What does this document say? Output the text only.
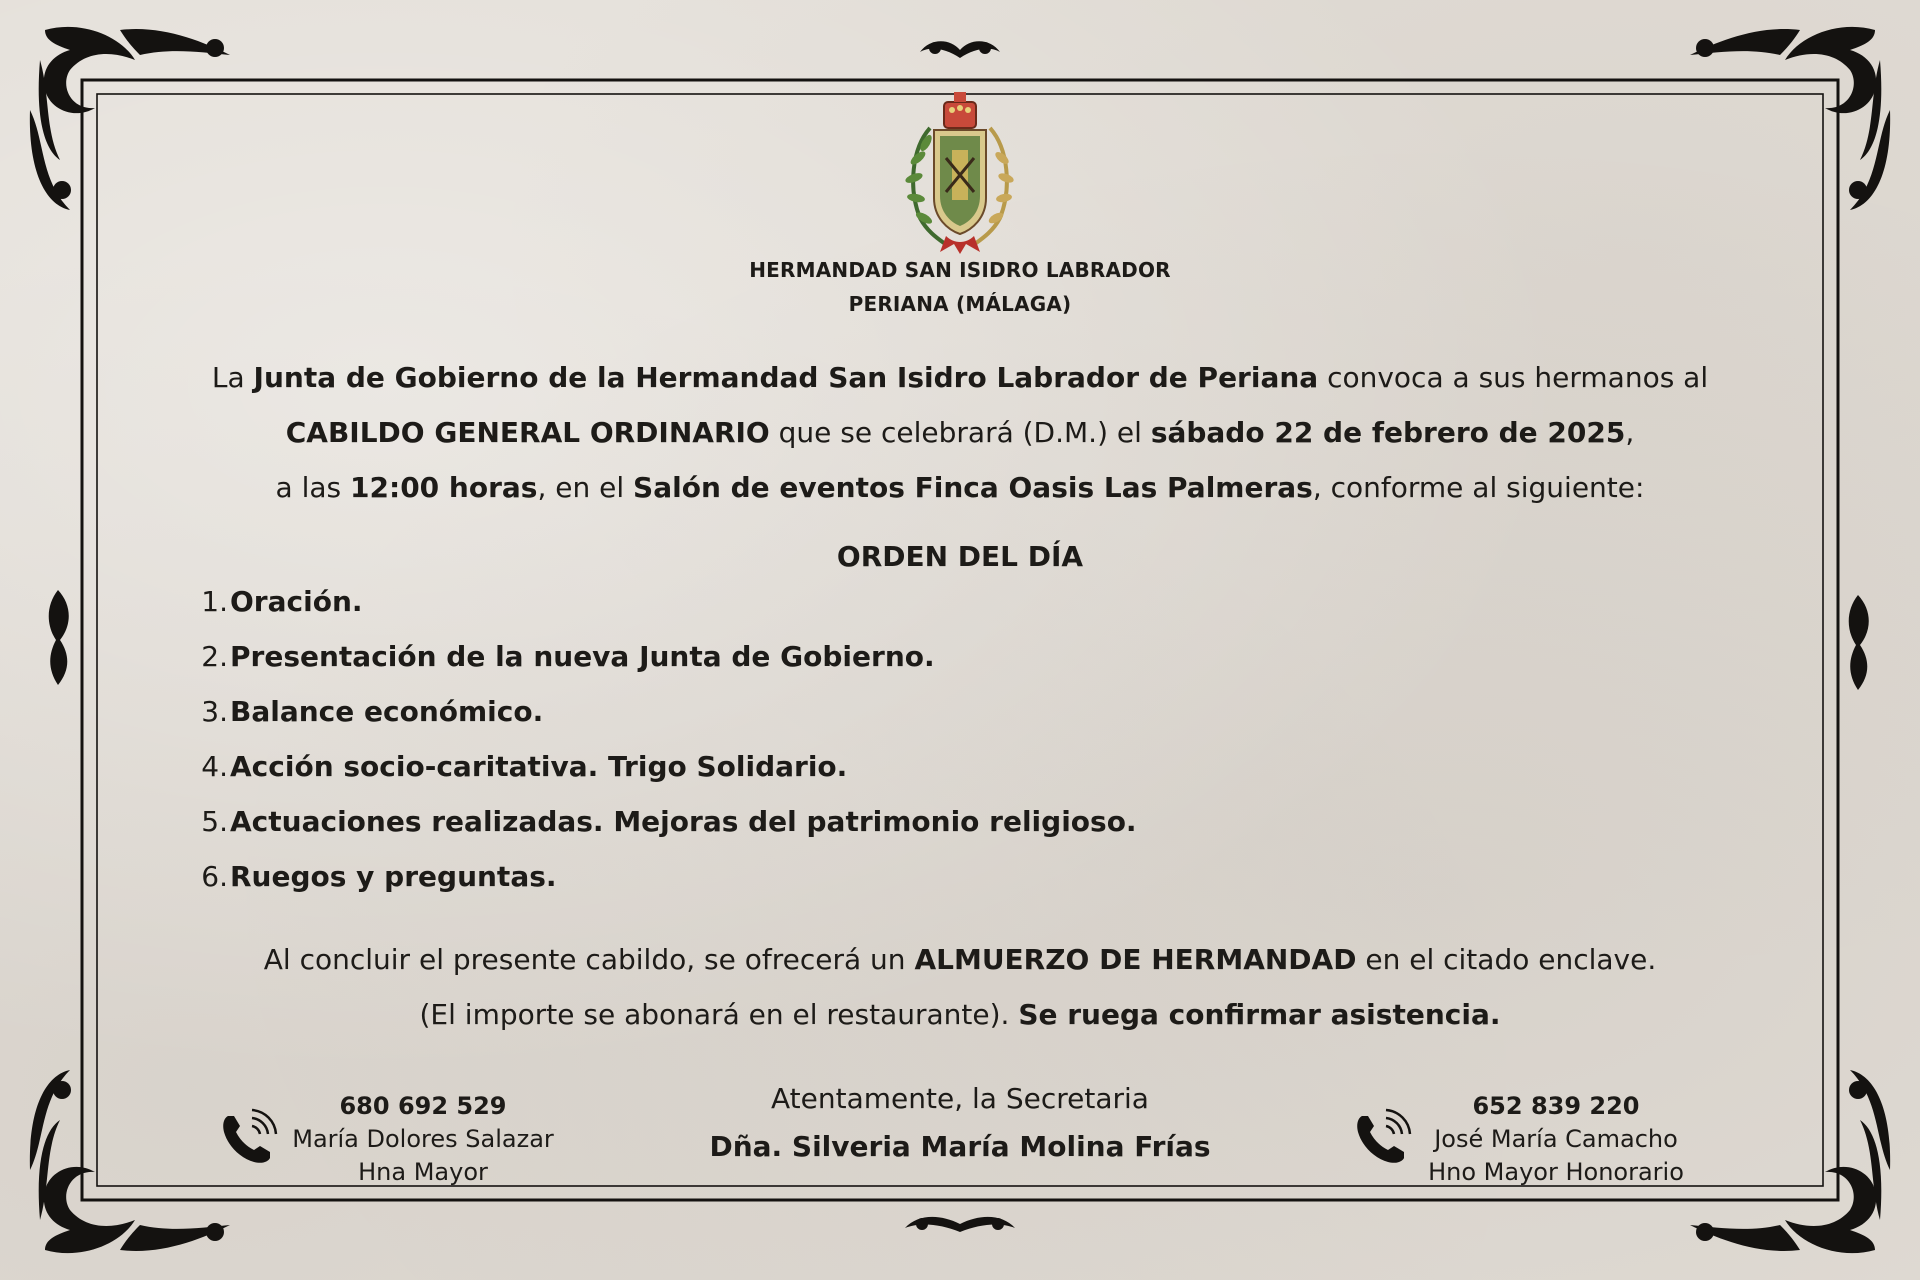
HERMANDAD SAN ISIDRO LABRADOR
PERIANA (MÁLAGA)
La Junta de Gobierno de la Hermandad San Isidro Labrador de Periana convoca a sus hermanos al
CABILDO GENERAL ORDINARIO que se celebrará (D.M.) el sábado 22 de febrero de 2025,
a las 12:00 horas, en el Salón de eventos Finca Oasis Las Palmeras, conforme al siguiente:
ORDEN DEL DÍA
1. Oración.
2. Presentación de la nueva Junta de Gobierno.
3. Balance económico.
4. Acción socio-caritativa. Trigo Solidario.
5. Actuaciones realizadas. Mejoras del patrimonio religioso.
6. Ruegos y preguntas.
Al concluir el presente cabildo, se ofrecerá un ALMUERZO DE HERMANDAD en el citado enclave.
(El importe se abonará en el restaurante). Se ruega confirmar asistencia.
Atentamente, la Secretaria
Dña. Silveria María Molina Frías
680 692 529
María Dolores Salazar
Hna Mayor
652 839 220
José María Camacho
Hno Mayor Honorario
